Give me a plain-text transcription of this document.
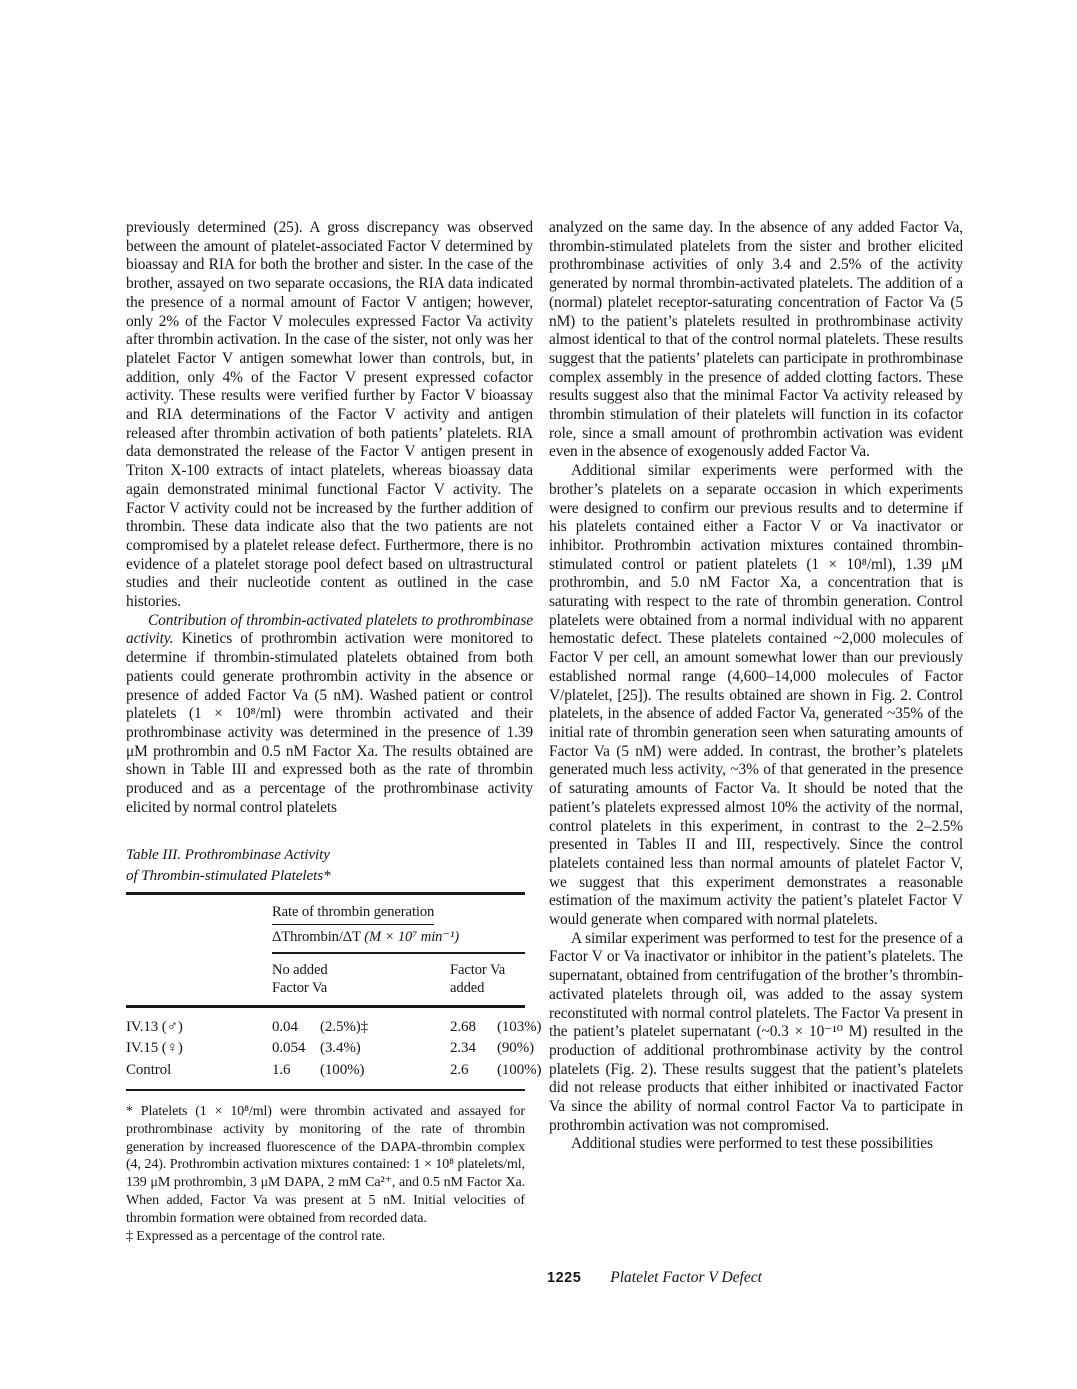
previously determined (25). A gross discrepancy was observed between the amount of platelet-associated Factor V determined by bioassay and RIA for both the brother and sister. In the case of the brother, assayed on two separate occasions, the RIA data indicated the presence of a normal amount of Factor V antigen; however, only 2% of the Factor V molecules expressed Factor Va activity after thrombin activation. In the case of the sister, not only was her platelet Factor V antigen somewhat lower than controls, but, in addition, only 4% of the Factor V present expressed cofactor activity. These results were verified further by Factor V bioassay and RIA determinations of the Factor V activity and antigen released after thrombin activation of both patients’ platelets. RIA data demonstrated the release of the Factor V antigen present in Triton X-100 extracts of intact platelets, whereas bioassay data again demonstrated minimal functional Factor V activity. The Factor V activity could not be increased by the further addition of thrombin. These data indicate also that the two patients are not compromised by a platelet release defect. Furthermore, there is no evidence of a platelet storage pool defect based on ultrastructural studies and their nucleotide content as outlined in the case histories.

Contribution of thrombin-activated platelets to prothrombinase activity. Kinetics of prothrombin activation were monitored to determine if thrombin-stimulated platelets obtained from both patients could generate prothrombin activity in the absence or presence of added Factor Va (5 nM). Washed patient or control platelets (1 × 10⁸/ml) were thrombin activated and their prothrombinase activity was determined in the presence of 1.39 μM prothrombin and 0.5 nM Factor Xa. The results obtained are shown in Table III and expressed both as the rate of thrombin produced and as a percentage of the prothrombinase activity elicited by normal control platelets

Table III. Prothrombinase Activity
of Thrombin-stimulated Platelets*
Rate of thrombin generation
ΔThrombin/ΔT (M × 10⁷ min⁻¹)
No added
Factor Va
Factor Va
added
IV.13 (♂)	0.04	(2.5%)‡	2.68	(103%)
IV.15 (♀)	0.054 (3.4%)	2.34	(90%)
Control	1.6	(100%)	2.6	(100%)
* Platelets (1 × 10⁸/ml) were thrombin activated and assayed for prothrombinase activity by monitoring of the rate of thrombin generation by increased fluorescence of the DAPA-thrombin complex (4, 24). Prothrombin activation mixtures contained: 1 × 10⁸ platelets/ml, 139 μM prothrombin, 3 μM DAPA, 2 mM Ca²⁺, and 0.5 nM Factor Xa. When added, Factor Va was present at 5 nM. Initial velocities of thrombin formation were obtained from recorded data.
‡ Expressed as a percentage of the control rate.

analyzed on the same day. In the absence of any added Factor Va, thrombin-stimulated platelets from the sister and brother elicited prothrombinase activities of only 3.4 and 2.5% of the activity generated by normal thrombin-activated platelets. The addition of a (normal) platelet receptor-saturating concentration of Factor Va (5 nM) to the patient’s platelets resulted in prothrombinase activity almost identical to that of the control normal platelets. These results suggest that the patients’ platelets can participate in prothrombinase complex assembly in the presence of added clotting factors. These results suggest also that the minimal Factor Va activity released by thrombin stimulation of their platelets will function in its cofactor role, since a small amount of prothrombin activation was evident even in the absence of exogenously added Factor Va.

Additional similar experiments were performed with the brother’s platelets on a separate occasion in which experiments were designed to confirm our previous results and to determine if his platelets contained either a Factor V or Va inactivator or inhibitor. Prothrombin activation mixtures contained thrombin-stimulated control or patient platelets (1 × 10⁸/ml), 1.39 μM prothrombin, and 5.0 nM Factor Xa, a concentration that is saturating with respect to the rate of thrombin generation. Control platelets were obtained from a normal individual with no apparent hemostatic defect. These platelets contained ~2,000 molecules of Factor V per cell, an amount somewhat lower than our previously established normal range (4,600–14,000 molecules of Factor V/platelet, [25]). The results obtained are shown in Fig. 2. Control platelets, in the absence of added Factor Va, generated ~35% of the initial rate of thrombin generation seen when saturating amounts of Factor Va (5 nM) were added. In contrast, the brother’s platelets generated much less activity, ~3% of that generated in the presence of saturating amounts of Factor Va. It should be noted that the patient’s platelets expressed almost 10% the activity of the normal, control platelets in this experiment, in contrast to the 2–2.5% presented in Tables II and III, respectively. Since the control platelets contained less than normal amounts of platelet Factor V, we suggest that this experiment demonstrates a reasonable estimation of the maximum activity the patient’s platelet Factor V would generate when compared with normal platelets.

A similar experiment was performed to test for the presence of a Factor V or Va inactivator or inhibitor in the patient’s platelets. The supernatant, obtained from centrifugation of the brother’s thrombin-activated platelets through oil, was added to the assay system reconstituted with normal control platelets. The Factor Va present in the patient’s platelet supernatant (~0.3 × 10⁻¹⁰ M) resulted in the production of additional prothrombinase activity by the control platelets (Fig. 2). These results suggest that the patient’s platelets did not release products that either inhibited or inactivated Factor Va since the ability of normal control Factor Va to participate in prothrombin activation was not compromised.

Additional studies were performed to test these possibilities

1225 Platelet Factor V Defect
